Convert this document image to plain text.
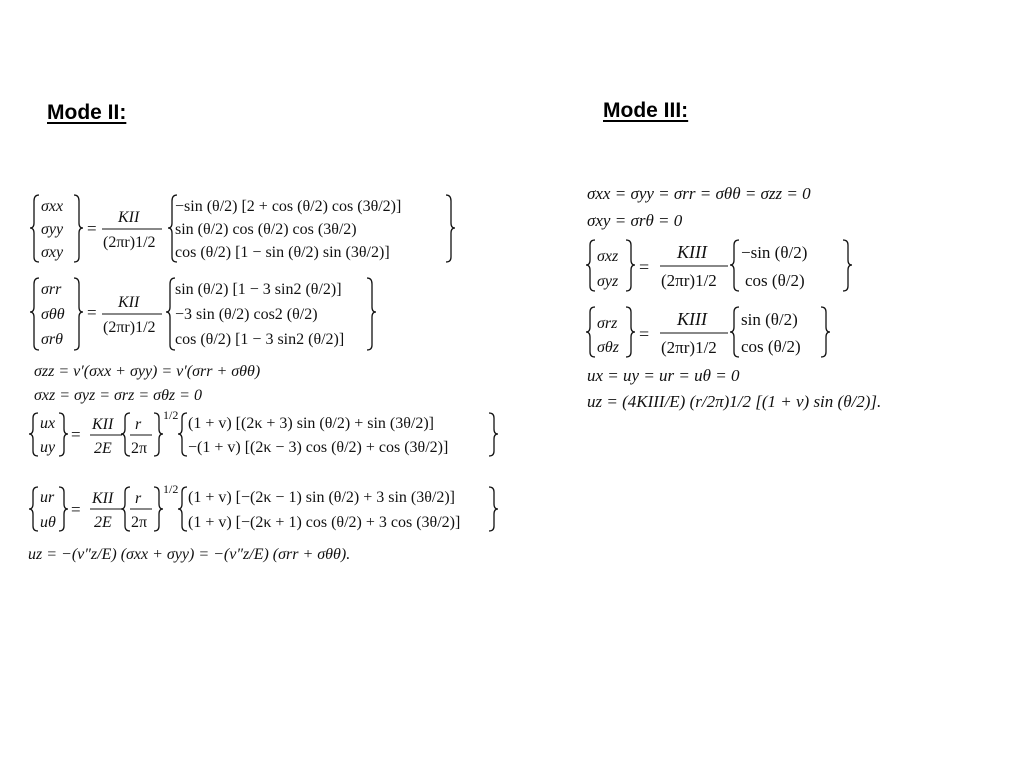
Mode II:	Mode III:
σxx
σyy
σxy
=
KII
(2πr)1/2
−sin (θ/2) [2 + cos (θ/2) cos (3θ/2)]
sin (θ/2) cos (θ/2) cos (3θ/2)
cos (θ/2) [1 − sin (θ/2) sin (3θ/2)]
σrr
σθθ
σrθ
=
KII
(2πr)1/2
sin (θ/2) [1 − 3 sin2 (θ/2)]
−3 sin (θ/2) cos2 (θ/2)
cos (θ/2) [1 − 3 sin2 (θ/2)]
σzz = v′(σxx + σyy) = v′(σrr + σθθ)
σxz = σyz = σrz = σθz = 0
ux
uy
=
KII
2E
r
2π
1/2 (1 + v) [(2κ + 3) sin (θ/2) + sin (3θ/2)]
−(1 + v) [(2κ − 3) cos (θ/2) + cos (3θ/2)]
ur
uθ
=
KII
2E
r
2π
1/2 (1 + v) [−(2κ − 1) sin (θ/2) + 3 sin (3θ/2)]
(1 + v) [−(2κ + 1) cos (θ/2) + 3 cos (3θ/2)]
uz = −(v″z/E) (σxx + σyy) = −(v″z/E) (σrr + σθθ).
σxx = σyy = σrr = σθθ = σzz = 0
σxy = σrθ = 0
σxz
σyz
=
KIII
(2πr)1/2
−sin (θ/2)
cos (θ/2)
σrz
σθz
=
KIII
(2πr)1/2
sin (θ/2)
cos (θ/2)
ux = uy = ur = uθ = 0
uz = (4KIII/E) (r/2π)1/2 [(1 + v) sin (θ/2)].
